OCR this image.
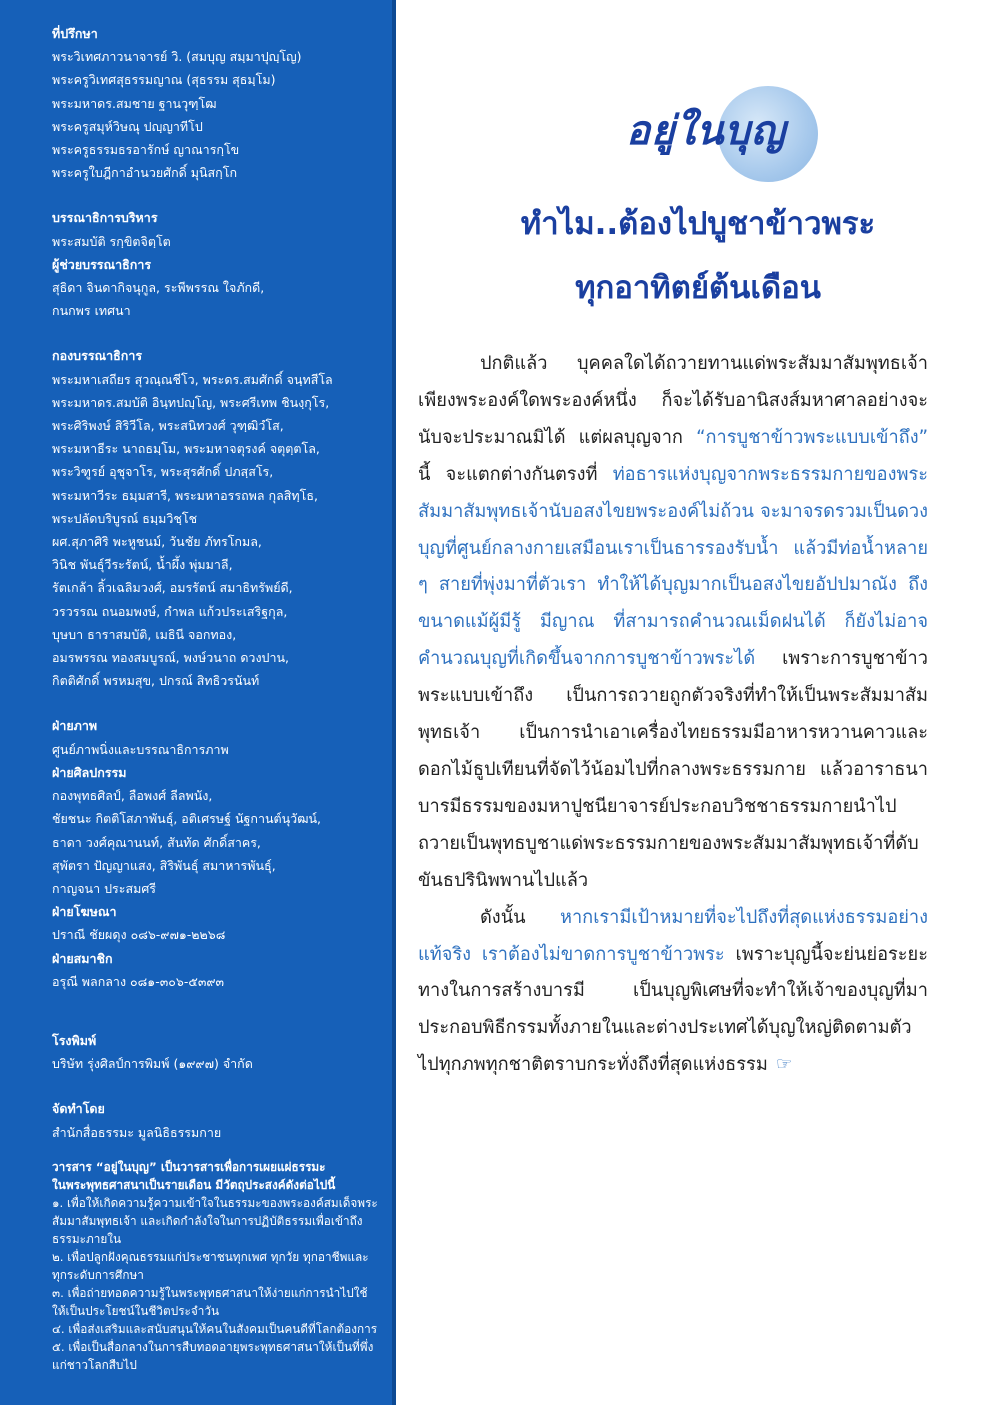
ที่ปรึกษา
พระวิเทศภาวนาจารย์ วิ. (สมบุญ สมฺมาปุญฺโญ)
พระครูวิเทศสุธรรมญาณ (สุธรรม สุธมฺโม)
พระมหาดร.สมชาย ฐานวุฑฺโฒ
พระครูสมุห์วิษณุ ปญฺญาทีโป
พระครูธรรมธรอารักษ์ ญาณารกฺโข
พระครูใบฎีกาอำนวยศักดิ์ มุนิสกฺโก
บรรณาธิการบริหาร
พระสมบัติ รกฺขิตจิตฺโต
ผู้ช่วยบรรณาธิการ
สุธิดา จินดากิจนุกูล, ระพีพรรณ ใจภักดี,
กนกพร เทศนา
กองบรรณาธิการ
พระมหาเสถียร สุวณฺณชีโว, พระดร.สมศักดิ์ จนฺทสีโล
พระมหาดร.สมบัติ อินฺทปญฺโญ, พระศรีเทพ ชินงฺกุโร,
พระศิริพงษ์ สิริวีโล, พระสนิทวงศ์ วุฑฺฒิวํโส,
พระมหาธีระ นาถธมฺโม, พระมหาจตุรงค์ จตุตฺตโล,
พระวิฑูรย์ อุชุจาโร, พระสุรศักดิ์ ปภสฺสโร,
พระมหาวีระ ธมฺมสารี, พระมหาอรรถพล กุลสิทฺโธ,
พระปลัดบริบูรณ์ ธมฺมวิชฺโช
ผศ.สุภาศิริ พะหูชนม์, วันชัย ภัทรโกมล,
วินิช พันธุ์วีระรัตน์, น้ำผึ้ง พุ่มมาลี,
รัตเกล้า ลิ้วเฉลิมวงศ์, อมรรัตน์ สมาธิทรัพย์ดี,
วรวรรณ ถนอมพงษ์, กำพล แก้วประเสริฐกุล,
บุษบา ธาราสมบัติ, เมธินี จอกทอง,
อมรพรรณ ทองสมบูรณ์, พงษ์วนาถ ดวงปาน,
กิตติศักดิ์ พรหมสุข, ปกรณ์ สิทธิวรนันท์
ฝ่ายภาพ
ศูนย์ภาพนิ่งและบรรณาธิการภาพ
ฝ่ายศิลปกรรม
กองพุทธศิลป์, ลือพงศ์ ลีลพนัง,
ชัยชนะ กิตติโสภาพันธุ์, อติเศรษฐ์ นัฐกานต์นุวัฒน์,
ธาดา วงศ์คุณานนท์, สันทัด ศักดิ์สาคร,
สุพัตรา ปัญญาแสง, สิริพันธุ์ สมาหารพันธุ์,
กาญจนา ประสมศรี
ฝ่ายโฆษณา
ปราณี ชัยผดุง ๐๘๖-๙๗๑-๒๒๖๘
ฝ่ายสมาชิก
อรุณี พลกลาง ๐๘๑-๓๐๖-๕๓๙๓
โรงพิมพ์
บริษัท รุ่งศิลป์การพิมพ์ (๑๙๙๗) จำกัด
จัดทำโดย
สำนักสื่อธรรมะ มูลนิธิธรรมกาย
วารสาร “อยู่ในบุญ” เป็นวารสารเพื่อการเผยแผ่ธรรมะ
ในพระพุทธศาสนาเป็นรายเดือน มีวัตถุประสงค์ดังต่อไปนี้
๑. เพื่อให้เกิดความรู้ความเข้าใจในธรรมะของพระองค์สมเด็จพระสัมมาสัมพุทธเจ้า และเกิดกำลังใจในการปฏิบัติธรรมเพื่อเข้าถึงธรรมะภายใน
๒. เพื่อปลูกฝังคุณธรรมแก่ประชาชนทุกเพศ ทุกวัย ทุกอาชีพและทุกระดับการศึกษา
๓. เพื่อถ่ายทอดความรู้ในพระพุทธศาสนาให้ง่ายแก่การนำไปใช้ให้เป็นประโยชน์ในชีวิตประจำวัน
๔. เพื่อส่งเสริมและสนับสนุนให้คนในสังคมเป็นคนดีที่โลกต้องการ
๕. เพื่อเป็นสื่อกลางในการสืบทอดอายุพระพุทธศาสนาให้เป็นที่พึ่งแก่ชาวโลกสืบไป
อยู่ในบุญ
ทำไม..ต้องไปบูชาข้าวพระ
ทุกอาทิตย์ต้นเดือน

ปกติแล้ว บุคคลใดได้ถวายทานแด่พระสัมมาสัมพุทธเจ้าเพียงพระองค์ใดพระองค์หนึ่ง ก็จะได้รับอานิสงส์มหาศาลอย่างจะนับจะประมาณมิได้ แต่ผลบุญจาก “การบูชาข้าวพระแบบเข้าถึง” นี้ จะแตกต่างกันตรงที่ ท่อธารแห่งบุญจากพระธรรมกายของพระสัมมาสัมพุทธเจ้านับอสงไขยพระองค์ไม่ถ้วน จะมาจรดรวมเป็นดวงบุญที่ศูนย์กลางกายเสมือนเราเป็นธารรองรับน้ำ แล้วมีท่อน้ำหลาย ๆ สายที่พุ่งมาที่ตัวเรา ทำให้ได้บุญมากเป็นอสงไขยอัปปมาณัง ถึงขนาดแม้ผู้มีรู้ มีญาณ ที่สามารถคำนวณเม็ดฝนได้ ก็ยังไม่อาจคำนวณบุญที่เกิดขึ้นจากการบูชาข้าวพระได้ เพราะการบูชาข้าวพระแบบเข้าถึง เป็นการถวายถูกตัวจริงที่ทำให้เป็นพระสัมมาสัมพุทธเจ้า เป็นการนำเอาเครื่องไทยธรรมมีอาหารหวานคาวและดอกไม้ธูปเทียนที่จัดไว้น้อมไปที่กลางพระธรรมกาย แล้วอาราธนาบารมีธรรมของมหาปูชนียาจารย์ประกอบวิชชาธรรมกายนำไปถวายเป็นพุทธบูชาแด่พระธรรมกายของพระสัมมาสัมพุทธเจ้าที่ดับขันธปรินิพพานไปแล้ว

ดังนั้น หากเรามีเป้าหมายที่จะไปถึงที่สุดแห่งธรรมอย่างแท้จริง เราต้องไม่ขาดการบูชาข้าวพระ เพราะบุญนี้จะย่นย่อระยะทางในการสร้างบารมี เป็นบุญพิเศษที่จะทำให้เจ้าของบุญที่มาประกอบพิธีกรรมทั้งภายในและต่างประเทศได้บุญใหญ่ติดตามตัวไปทุกภพทุกชาติตราบกระทั่งถึงที่สุดแห่งธรรม ☞
